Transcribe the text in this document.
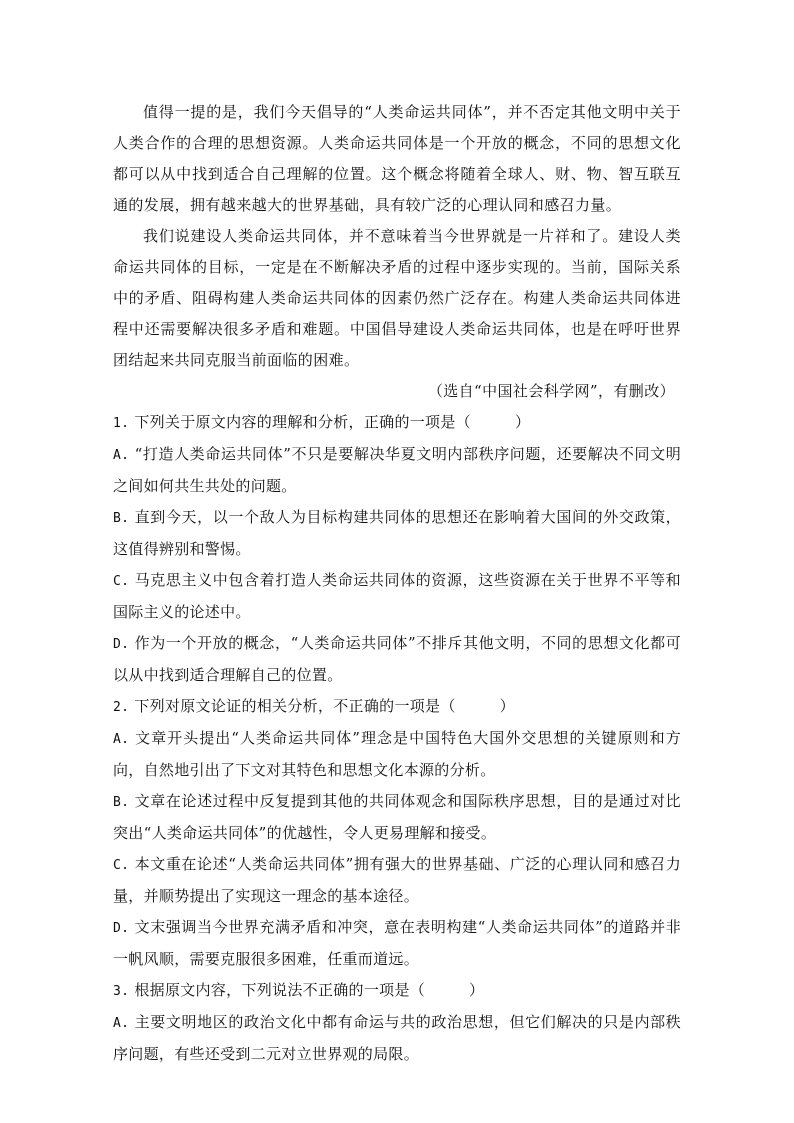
值得一提的是，我们今天倡导的“人类命运共同体”，并不否定其他文明中关于人类合作的合理的思想资源。人类命运共同体是一个开放的概念，不同的思想文化都可以从中找到适合自己理解的位置。这个概念将随着全球人、财、物、智互联互通的发展，拥有越来越大的世界基础，具有较广泛的心理认同和感召力量。

我们说建设人类命运共同体，并不意味着当今世界就是一片祥和了。建设人类命运共同体的目标，一定是在不断解决矛盾的过程中逐步实现的。当前，国际关系中的矛盾、阻碍构建人类命运共同体的因素仍然广泛存在。构建人类命运共同体进程中还需要解决很多矛盾和难题。中国倡导建设人类命运共同体，也是在呼吁世界团结起来共同克服当前面临的困难。

（选自“中国社会科学网”，有删改）

1. 下列关于原文内容的理解和分析，正确的一项是（	）

A. “打造人类命运共同体”不只是要解决华夏文明内部秩序问题，还要解决不同文明之间如何共生共处的问题。

B. 直到今天，以一个敌人为目标构建共同体的思想还在影响着大国间的外交政策，这值得辨别和警惕。

C. 马克思主义中包含着打造人类命运共同体的资源，这些资源在关于世界不平等和国际主义的论述中。

D. 作为一个开放的概念，“人类命运共同体”不排斥其他文明，不同的思想文化都可以从中找到适合理解自己的位置。

2. 下列对原文论证的相关分析，不正确的一项是（	）

A. 文章开头提出“人类命运共同体”理念是中国特色大国外交思想的关键原则和方向，自然地引出了下文对其特色和思想文化本源的分析。

B. 文章在论述过程中反复提到其他的共同体观念和国际秩序思想，目的是通过对比突出“人类命运共同体”的优越性，令人更易理解和接受。

C. 本文重在论述“人类命运共同体”拥有强大的世界基础、广泛的心理认同和感召力量，并顺势提出了实现这一理念的基本途径。

D. 文末强调当今世界充满矛盾和冲突，意在表明构建“人类命运共同体”的道路并非一帆风顺，需要克服很多困难，任重而道远。

3. 根据原文内容，下列说法不正确的一项是（	）

A. 主要文明地区的政治文化中都有命运与共的政治思想，但它们解决的只是内部秩序问题，有些还受到二元对立世界观的局限。
